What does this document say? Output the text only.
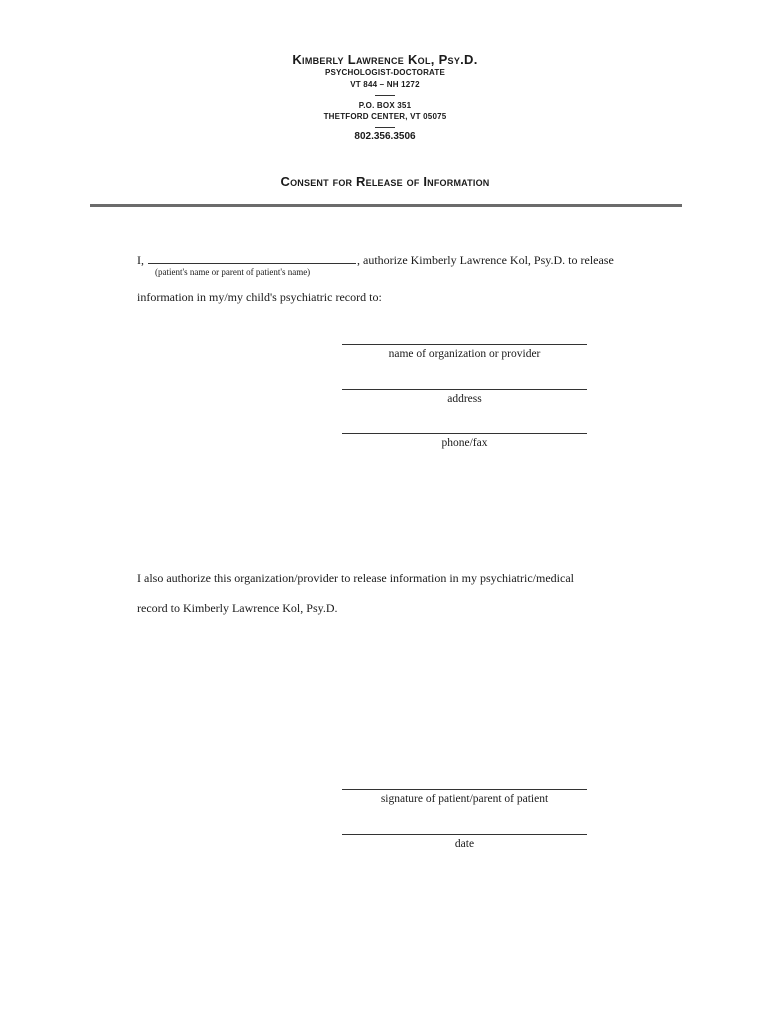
Kimberly Lawrence Kol, Psy.D.
PSYCHOLOGIST-DOCTORATE
VT 844 – NH 1272
P.O. BOX 351
THETFORD CENTER, VT 05075
802.356.3506
Consent for Release of Information
I,	, authorize Kimberly Lawrence Kol, Psy.D. to release
(patient's name or parent of patient's name)
information in my/my child's psychiatric record to:
name of organization or provider
address
phone/fax
I also authorize this organization/provider to release information in my psychiatric/medical
record to Kimberly Lawrence Kol, Psy.D.
signature of patient/parent of patient
date
